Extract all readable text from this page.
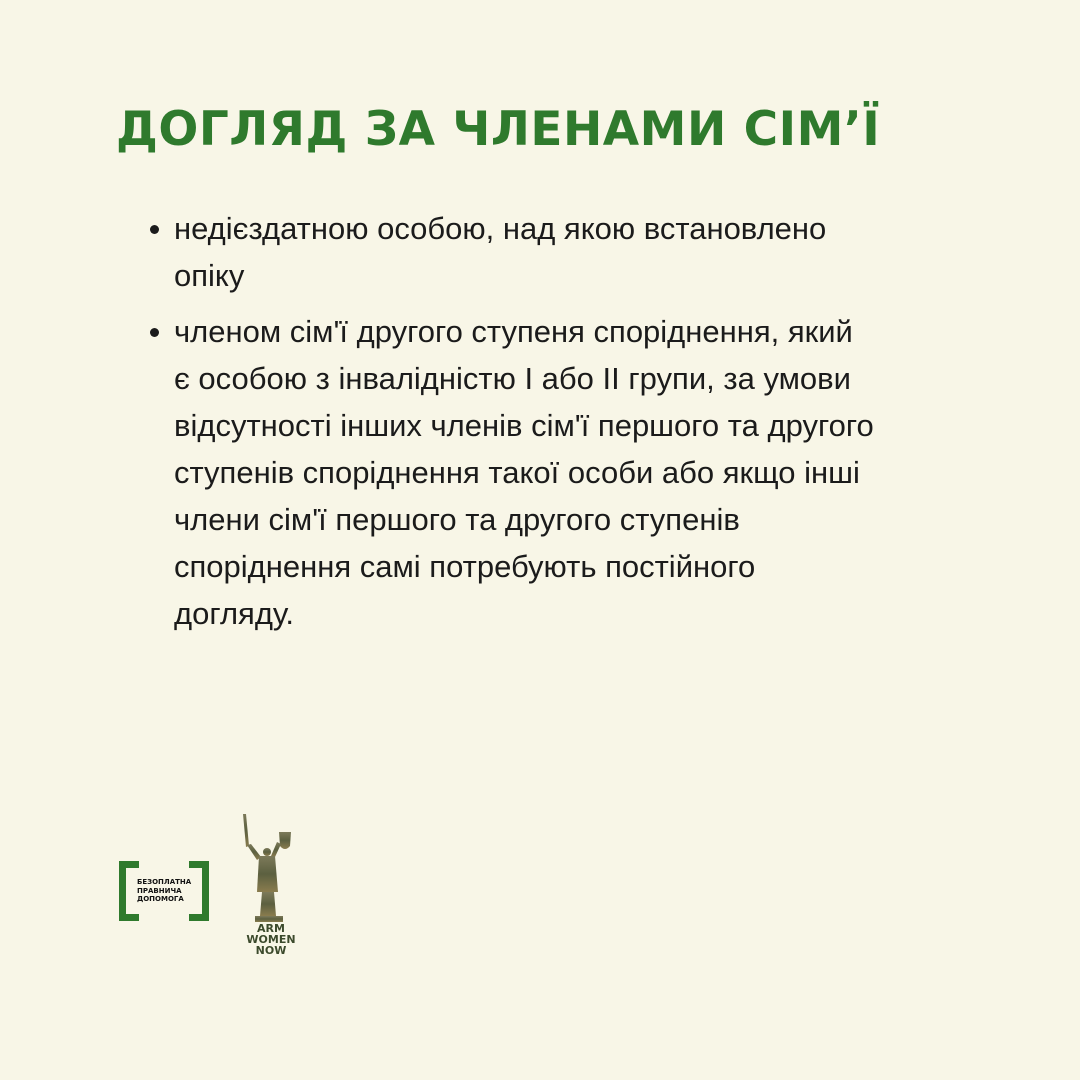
ДОГЛЯД ЗА ЧЛЕНАМИ СІМ’Ї
недієздатною особою, над якою встановлено
опіку
членом сім'ї другого ступеня споріднення, який
є особою з інвалідністю І або ІІ групи, за умови
відсутності інших членів сім'ї першого та другого
ступенів споріднення такої особи або якщо інші
члени сім'ї першого та другого ступенів
споріднення самі потребують постійного
догляду.
БЕЗОПЛАТНА
ПРАВНИЧА
ДОПОМОГА
ARM
WOMEN
NOW
